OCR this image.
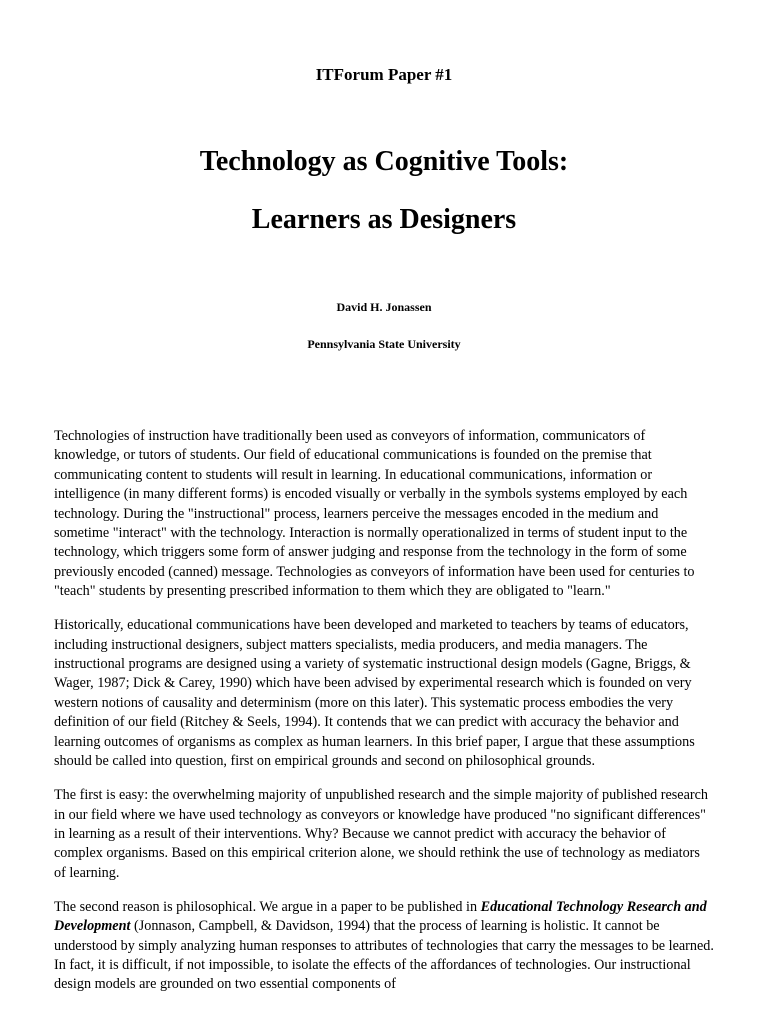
ITForum Paper #1

Technology as Cognitive Tools:
Learners as Designers

David H. Jonassen

Pennsylvania State University

Technologies of instruction have traditionally been used as conveyors of information, communicators of knowledge, or tutors of students. Our field of educational communications is founded on the premise that communicating content to students will result in learning. In educational communications, information or intelligence (in many different forms) is encoded visually or verbally in the symbols systems employed by each technology. During the "instructional" process, learners perceive the messages encoded in the medium and sometime "interact" with the technology. Interaction is normally operationalized in terms of student input to the technology, which triggers some form of answer judging and response from the technology in the form of some previously encoded (canned) message. Technologies as conveyors of information have been used for centuries to "teach" students by presenting prescribed information to them which they are obligated to "learn."

Historically, educational communications have been developed and marketed to teachers by teams of educators, including instructional designers, subject matters specialists, media producers, and media managers. The instructional programs are designed using a variety of systematic instructional design models (Gagne, Briggs, & Wager, 1987; Dick & Carey, 1990) which have been advised by experimental research which is founded on very western notions of causality and determinism (more on this later). This systematic process embodies the very definition of our field (Ritchey & Seels, 1994). It contends that we can predict with accuracy the behavior and learning outcomes of organisms as complex as human learners. In this brief paper, I argue that these assumptions should be called into question, first on empirical grounds and second on philosophical grounds.

The first is easy: the overwhelming majority of unpublished research and the simple majority of published research in our field where we have used technology as conveyors or knowledge have produced "no significant differences" in learning as a result of their interventions. Why? Because we cannot predict with accuracy the behavior of complex organisms. Based on this empirical criterion alone, we should rethink the use of technology as mediators of learning.

The second reason is philosophical. We argue in a paper to be published in Educational Technology Research and Development (Jonnason, Campbell, & Davidson, 1994) that the process of learning is holistic. It cannot be understood by simply analyzing human responses to attributes of technologies that carry the messages to be learned. In fact, it is difficult, if not impossible, to isolate the effects of the affordances of technologies. Our instructional design models are grounded on two essential components of
